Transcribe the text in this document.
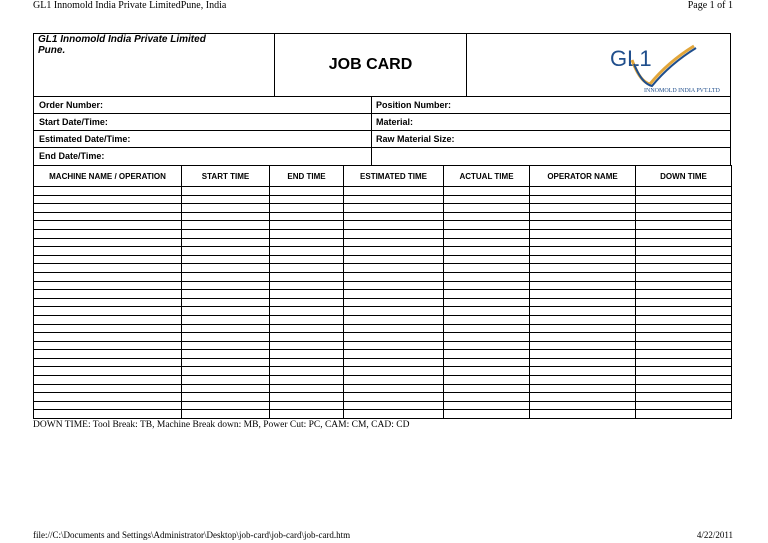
GL1 Innomold India Private LimitedPune, India	Page 1 of 1
GL1 Innomold India Private Limited
Pune.
JOB CARD	GL1
INNOMOLD INDIA PVT.LTD
Order Number:	Position Number:
Start Date/Time:	Material:
Estimated Date/Time:	Raw Material Size:
End Date/Time:
MACHINE NAME / OPERATION	START TIME	END TIME	ESTIMATED TIME	ACTUAL TIME	OPERATOR NAME	DOWN TIME

DOWN TIME: Tool Break: TB, Machine Break down: MB, Power Cut: PC, CAM: CM, CAD: CD
file://C:\Documents and Settings\Administrator\Desktop\job-card\job-card\job-card.htm	4/22/2011
